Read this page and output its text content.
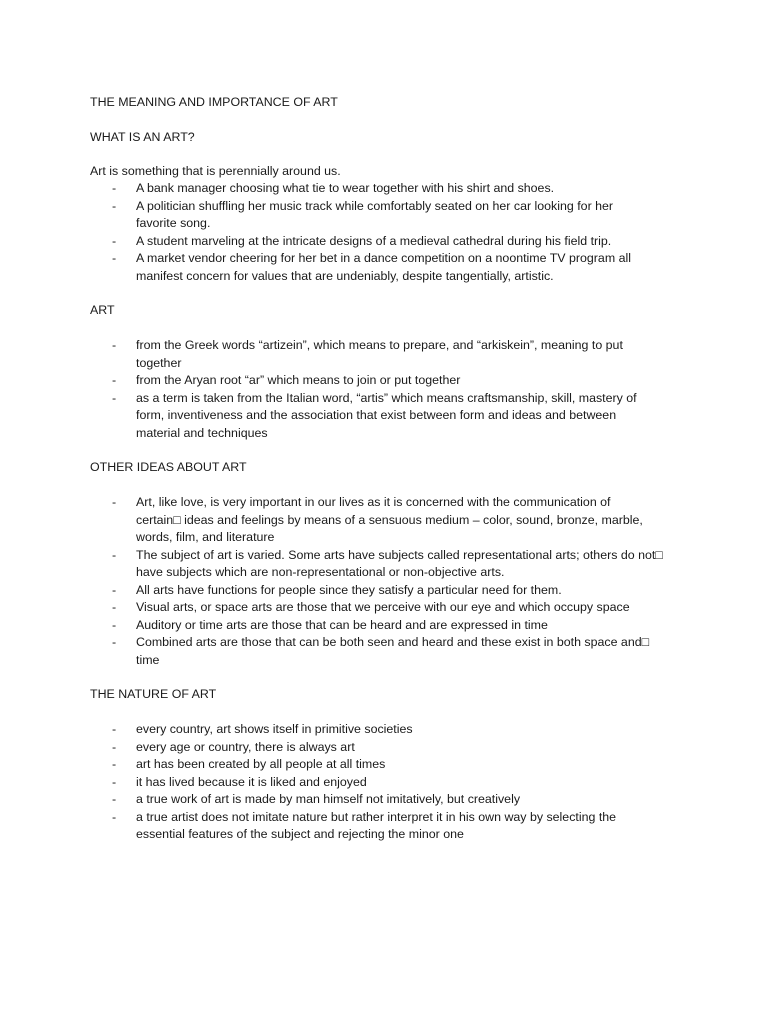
THE MEANING AND IMPORTANCE OF ART

WHAT IS AN ART?

Art is something that is perennially around us.

- A bank manager choosing what tie to wear together with his shirt and shoes.
- A politician shuffling her music track while comfortably seated on her car looking for her
favorite song.
- A student marveling at the intricate designs of a medieval cathedral during his field trip.
- A market vendor cheering for her bet in a dance competition on a noontime TV program all
manifest concern for values that are undeniably, despite tangentially, artistic.

ART

- from the Greek words “artizein”, which means to prepare, and “arkiskein”, meaning to put
together
- from the Aryan root “ar” which means to join or put together
- as a term is taken from the Italian word, “artis” which means craftsmanship, skill, mastery of
form, inventiveness and the association that exist between form and ideas and between
material and techniques

OTHER IDEAS ABOUT ART

- Art, like love, is very important in our lives as it is concerned with the communication of
certain□ ideas and feelings by means of a sensuous medium – color, sound, bronze, marble,
words, film, and literature
- The subject of art is varied. Some arts have subjects called representational arts; others do not□
have subjects which are non-representational or non-objective arts.
- All arts have functions for people since they satisfy a particular need for them.
- Visual arts, or space arts are those that we perceive with our eye and which occupy space
- Auditory or time arts are those that can be heard and are expressed in time
- Combined arts are those that can be both seen and heard and these exist in both space and□
time

THE NATURE OF ART

- every country, art shows itself in primitive societies
- every age or country, there is always art
- art has been created by all people at all times
- it has lived because it is liked and enjoyed
- a true work of art is made by man himself not imitatively, but creatively
- a true artist does not imitate nature but rather interpret it in his own way by selecting the
essential features of the subject and rejecting the minor one
